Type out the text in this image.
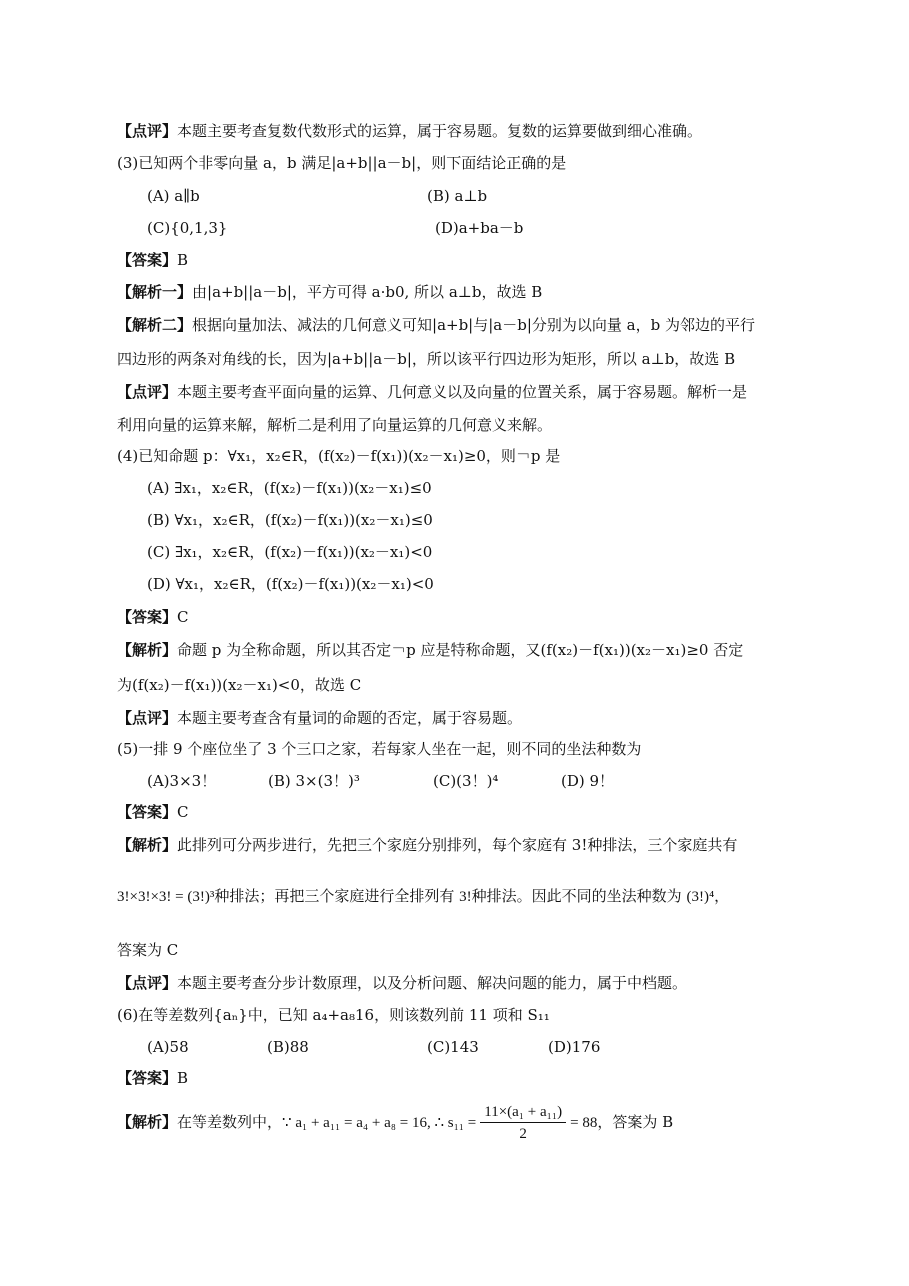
【点评】本题主要考查复数代数形式的运算，属于容易题。复数的运算要做到细心准确。
(3)已知两个非零向量 a，b 满足|a+b||a－b|，则下面结论正确的是
(A) a∥b	(B) a⊥b
(C){0,1,3}	(D)a+ba－b
【答案】B
【解析一】由|a+b||a－b|，平方可得 a·b0, 所以 a⊥b，故选 B
【解析二】根据向量加法、减法的几何意义可知|a+b|与|a－b|分别为以向量 a，b 为邻边的平行
四边形的两条对角线的长，因为|a+b||a－b|，所以该平行四边形为矩形，所以 a⊥b，故选 B
【点评】本题主要考查平面向量的运算、几何意义以及向量的位置关系，属于容易题。解析一是
利用向量的运算来解，解析二是利用了向量运算的几何意义来解。
(4)已知命题 p：∀x₁，x₂∈R，(f(x₂)－f(x₁))(x₂－x₁)≥0，则￢p 是
(A) ∃x₁，x₂∈R，(f(x₂)－f(x₁))(x₂－x₁)≤0
(B) ∀x₁，x₂∈R，(f(x₂)－f(x₁))(x₂－x₁)≤0
(C) ∃x₁，x₂∈R，(f(x₂)－f(x₁))(x₂－x₁)<0
(D) ∀x₁，x₂∈R，(f(x₂)－f(x₁))(x₂－x₁)<0
【答案】C
【解析】命题 p 为全称命题，所以其否定￢p 应是特称命题，又(f(x₂)－f(x₁))(x₂－x₁)≥0 否定
为(f(x₂)－f(x₁))(x₂－x₁)<0，故选 C
【点评】本题主要考查含有量词的命题的否定，属于容易题。
(5)一排 9 个座位坐了 3 个三口之家，若每家人坐在一起，则不同的坐法种数为
(A)3×3！	(B) 3×(3！)³	(C)(3！)⁴	(D) 9！
【答案】C
【解析】此排列可分两步进行，先把三个家庭分别排列，每个家庭有 3!种排法，三个家庭共有
3!×3!×3! = (3!)³种排法；再把三个家庭进行全排列有 3!种排法。因此不同的坐法种数为 (3!)⁴，
答案为 C
【点评】本题主要考查分步计数原理，以及分析问题、解决问题的能力，属于中档题。
(6)在等差数列{aₙ}中，已知 a₄+a₈16，则该数列前 11 项和 S₁₁
(A)58	(B)88	(C)143	(D)176
【答案】B
【解析】在等差数列中，∵ a₁ + a₁₁ = a₄ + a₈ = 16, ∴ $s_{11} = \frac{\text{11×(a₁ + a₁₁)}}{2} = 88$，答案为 B
